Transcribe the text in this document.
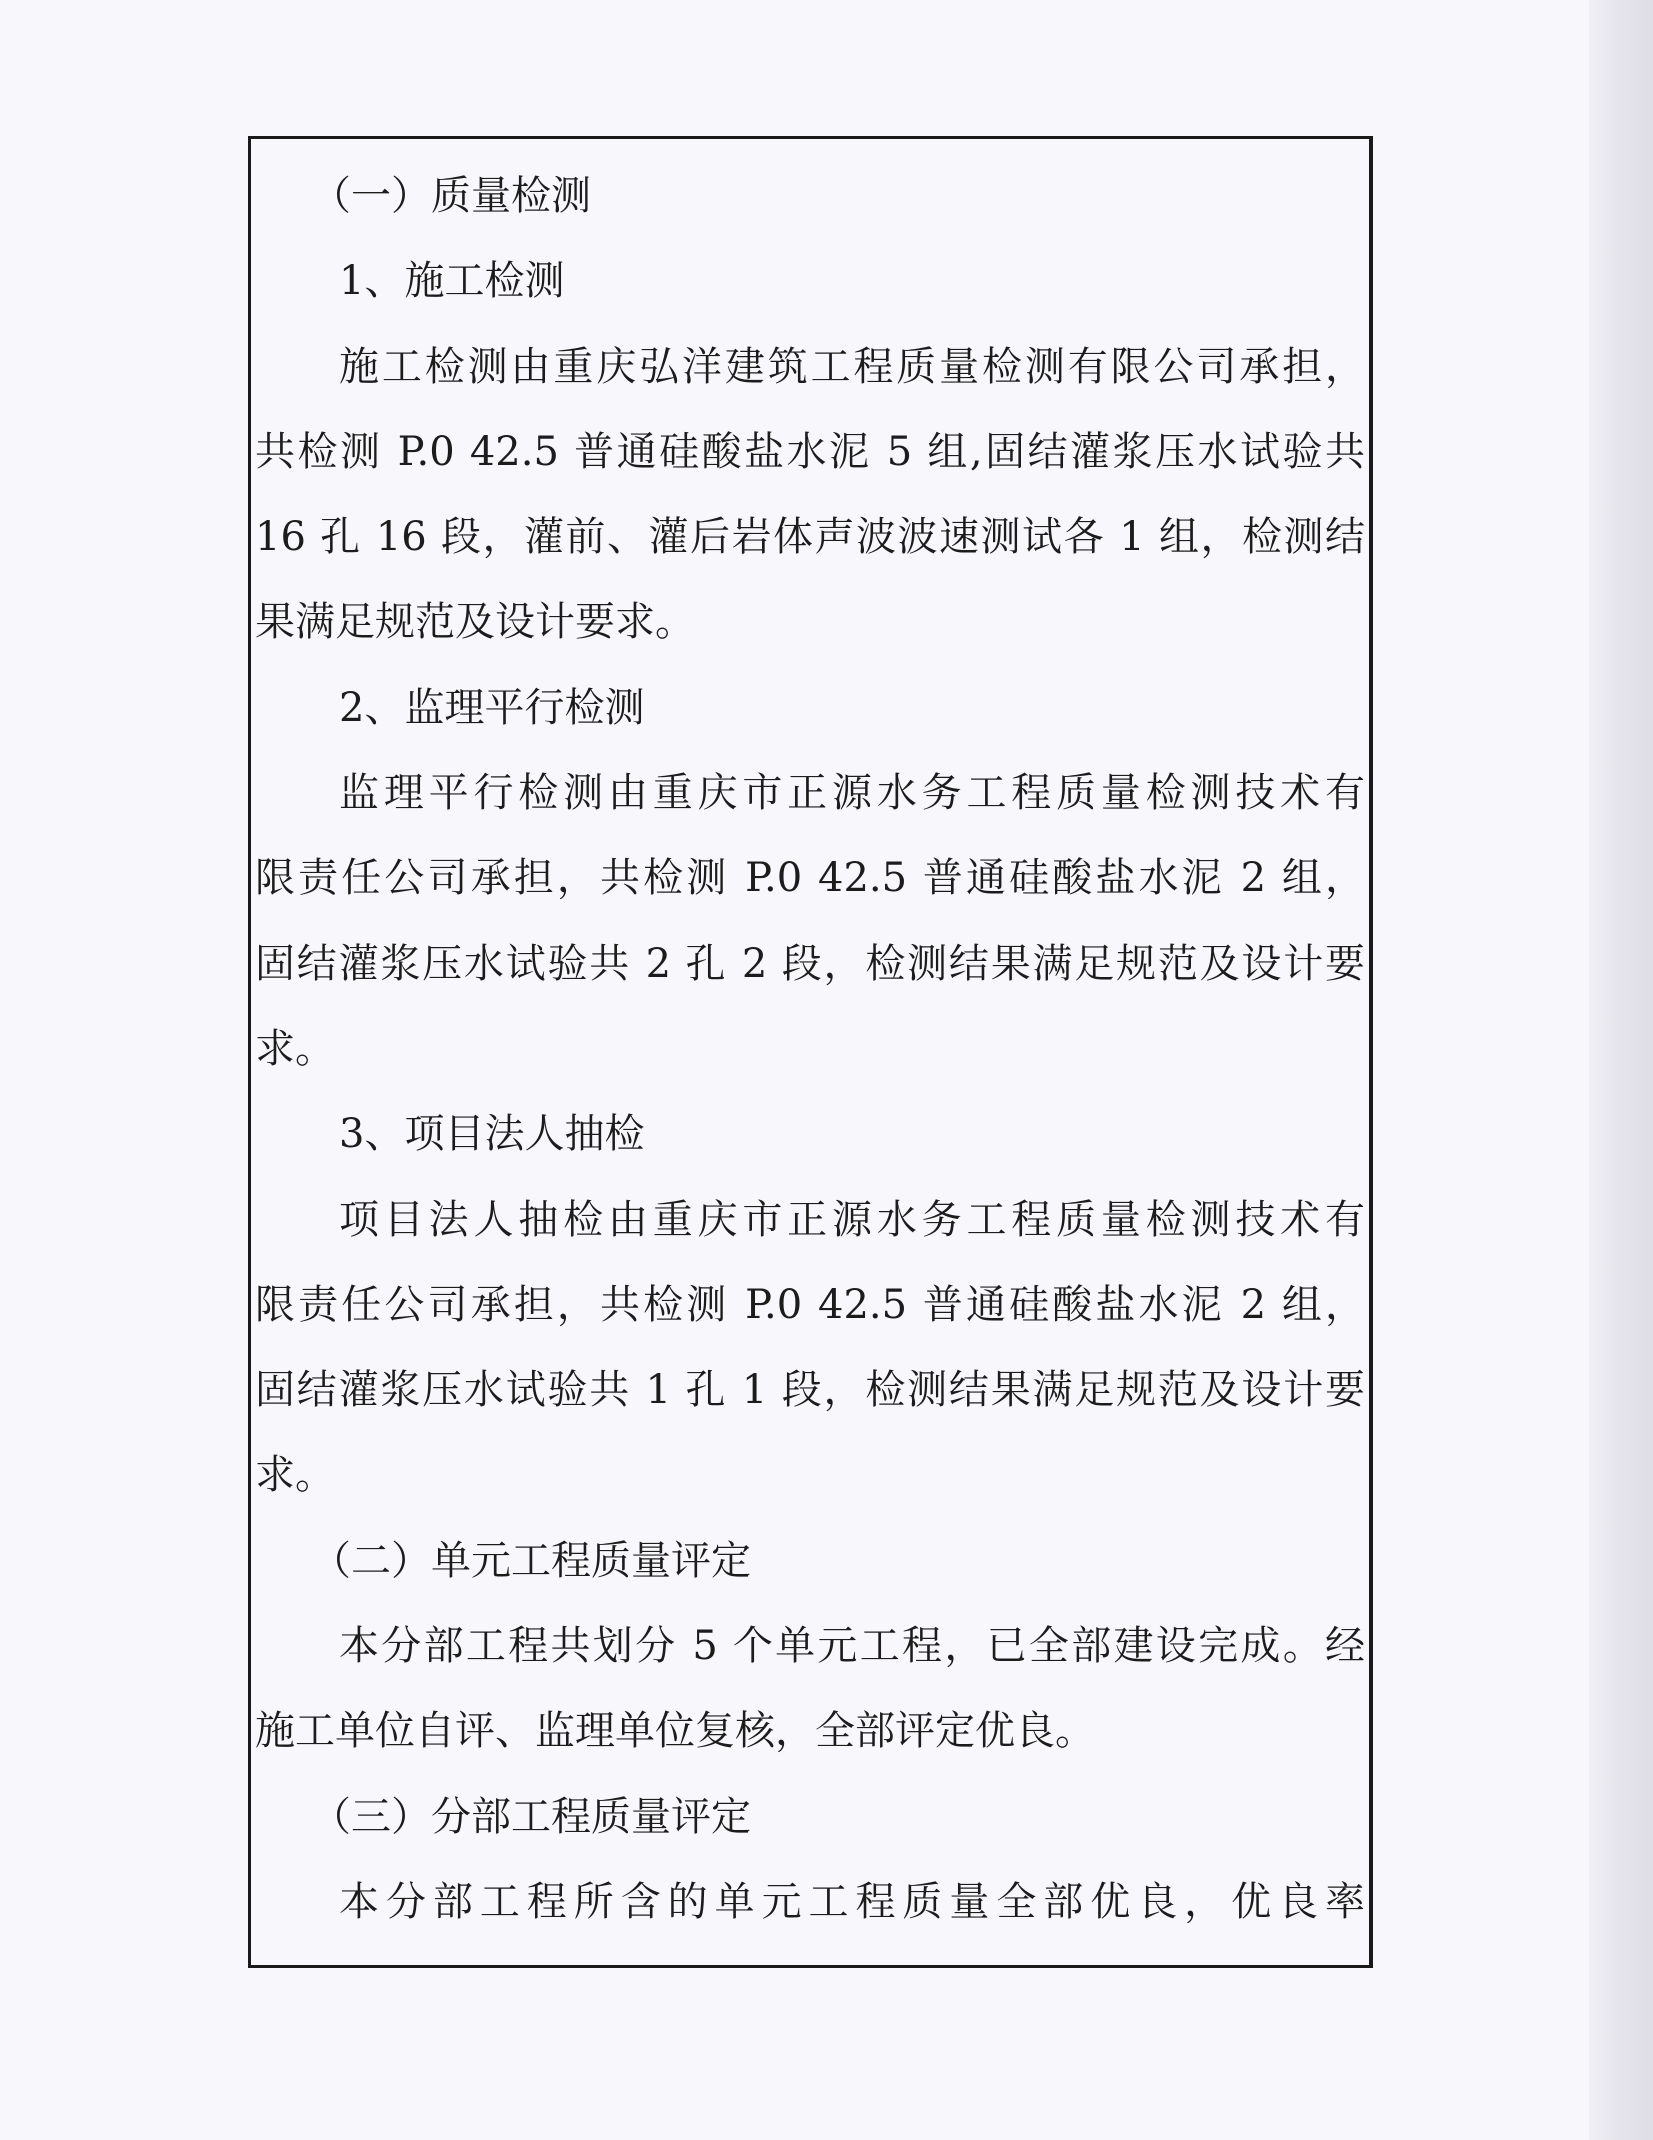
（一）质量检测
1、施工检测
施工检测由重庆弘洋建筑工程质量检测有限公司承担，
共检测 P.0 42.5 普通硅酸盐水泥 5 组,固结灌浆压水试验共
16 孔 16 段，灌前、灌后岩体声波波速测试各 1 组，检测结
果满足规范及设计要求。
2、监理平行检测
监理平行检测由重庆市正源水务工程质量检测技术有
限责任公司承担，共检测 P.0 42.5 普通硅酸盐水泥 2 组，
固结灌浆压水试验共 2 孔 2 段，检测结果满足规范及设计要
求。
3、项目法人抽检
项目法人抽检由重庆市正源水务工程质量检测技术有
限责任公司承担，共检测 P.0 42.5 普通硅酸盐水泥 2 组，
固结灌浆压水试验共 1 孔 1 段，检测结果满足规范及设计要
求。
（二）单元工程质量评定
本分部工程共划分 5 个单元工程，已全部建设完成。经
施工单位自评、监理单位复核，全部评定优良。
（三）分部工程质量评定
本分部工程所含的单元工程质量全部优良，优良率
